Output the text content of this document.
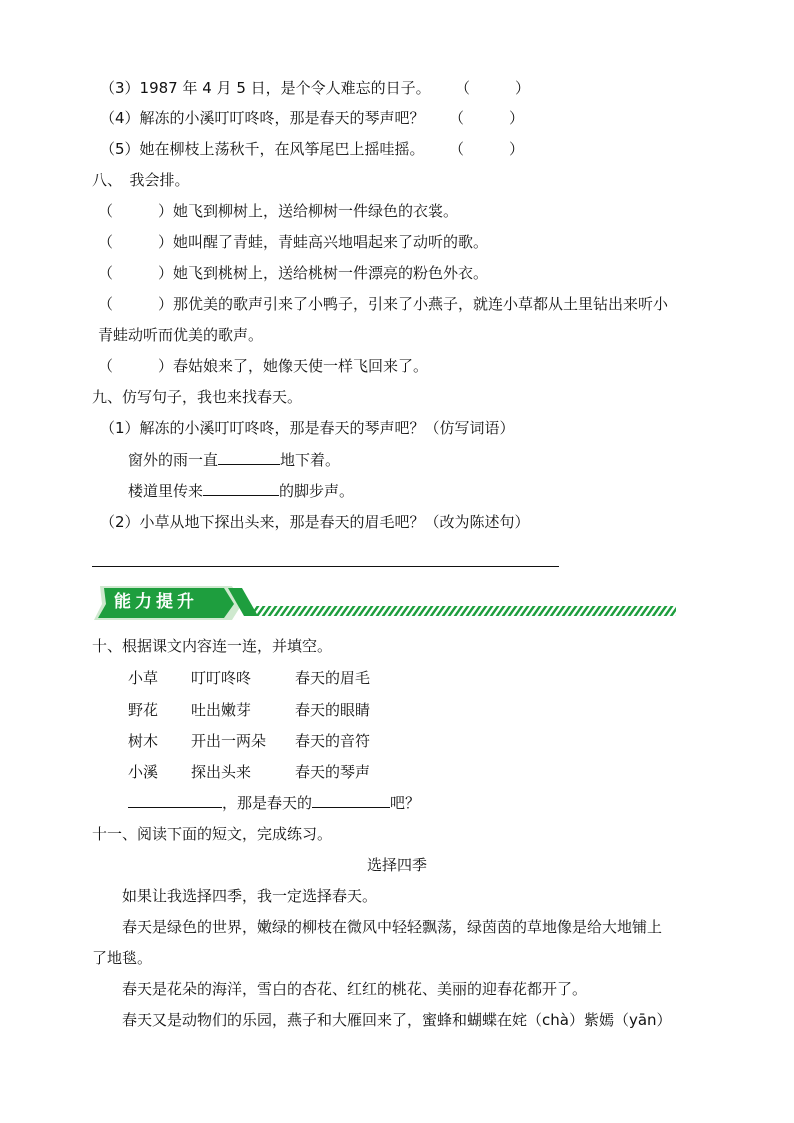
（3）1987 年 4 月 5 日，是个令人难忘的日子。 （　　　）
（4）解冻的小溪叮叮咚咚，那是春天的琴声吧？ （　　　）
（5）她在柳枝上荡秋千，在风筝尾巴上摇哇摇。 （　　　）
八、　我会排。
（　　　）她飞到柳树上，送给柳树一件绿色的衣裳。
（　　　）她叫醒了青蛙，青蛙高兴地唱起来了动听的歌。
（　　　）她飞到桃树上，送给桃树一件漂亮的粉色外衣。
（　　　）那优美的歌声引来了小鸭子，引来了小燕子，就连小草都从土里钻出来听小
青蛙动听而优美的歌声。
（　　　）春姑娘来了，她像天使一样飞回来了。
九、仿写句子，我也来找春天。
（1）解冻的小溪叮叮咚咚，那是春天的琴声吧？（仿写词语）
窗外的雨一直	地下着。
楼道里传来	的脚步声。
（2）小草从地下探出头来，那是春天的眉毛吧？（改为陈述句）
能力提升
十、根据课文内容连一连，并填空。
小草 叮叮咚咚	春天的眉毛
野花 吐出嫩芽	春天的眼睛
树木 开出一两朵 春天的音符
小溪 探出头来	春天的琴声
，那是春天的	吧？
十一、阅读下面的短文，完成练习。
选择四季
如果让我选择四季，我一定选择春天。
春天是绿色的世界，嫩绿的柳枝在微风中轻轻飘荡，绿茵茵的草地像是给大地铺上
了地毯。
春天是花朵的海洋，雪白的杏花、红红的桃花、美丽的迎春花都开了。
春天又是动物们的乐园，燕子和大雁回来了，蜜蜂和蝴蝶在姹（chà）紫嫣（yān）
